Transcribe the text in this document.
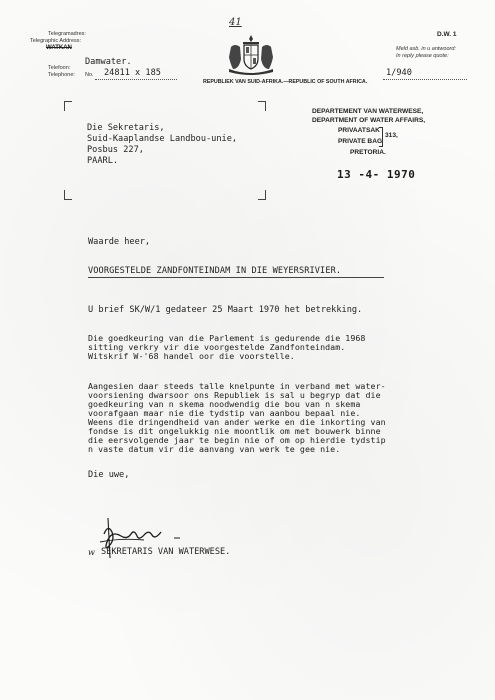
41
D.W. 1
Telegramadres:
Telegraphic Address:
WATKAN
Damwater.
Telefoon:
Telephone: No. 24811 x 185
REPUBLIEK VAN SUID-AFRIKA.—REPUBLIC OF SOUTH AFRICA.
Meld asb. in u antwoord:
In reply please quote:
1/940
Die Sekretaris,
Suid-Kaaplandse Landbou-unie,
Posbus 227,
PAARL.
DEPARTEMENT VAN WATERWESE,
DEPARTMENT OF WATER AFFAIRS,
PRIVAATSAK
PRIVATE BAG
313,
PRETORIA.
13 -4- 1970
Waarde heer,
VOORGESTELDE ZANDFONTEINDAM IN DIE WEYERSRIVIER.
U brief SK/W/1 gedateer 25 Maart 1970 het betrekking.
Die goedkeuring van die Parlement is gedurende die 1968
sitting verkry vir die voorgestelde Zandfonteindam.
Witskrif W-'68 handel oor die voorstelle.
Aangesien daar steeds talle knelpunte in verband met water-
voorsiening dwarsoor ons Republiek is sal u begryp dat die
goedkeuring van n skema noodwendig die bou van n skema
voorafgaan maar nie die tydstip van aanbou bepaal nie.
Weens die dringendheid van ander werke en die inkorting van
fondse is dit ongelukkig nie moontlik om met bouwerk binne
die eersvolgende jaar te begin nie of om op hierdie tydstip
n vaste datum vir die aanvang van werk te gee nie.
Die uwe,
w SEKRETARIS VAN WATERWESE.
